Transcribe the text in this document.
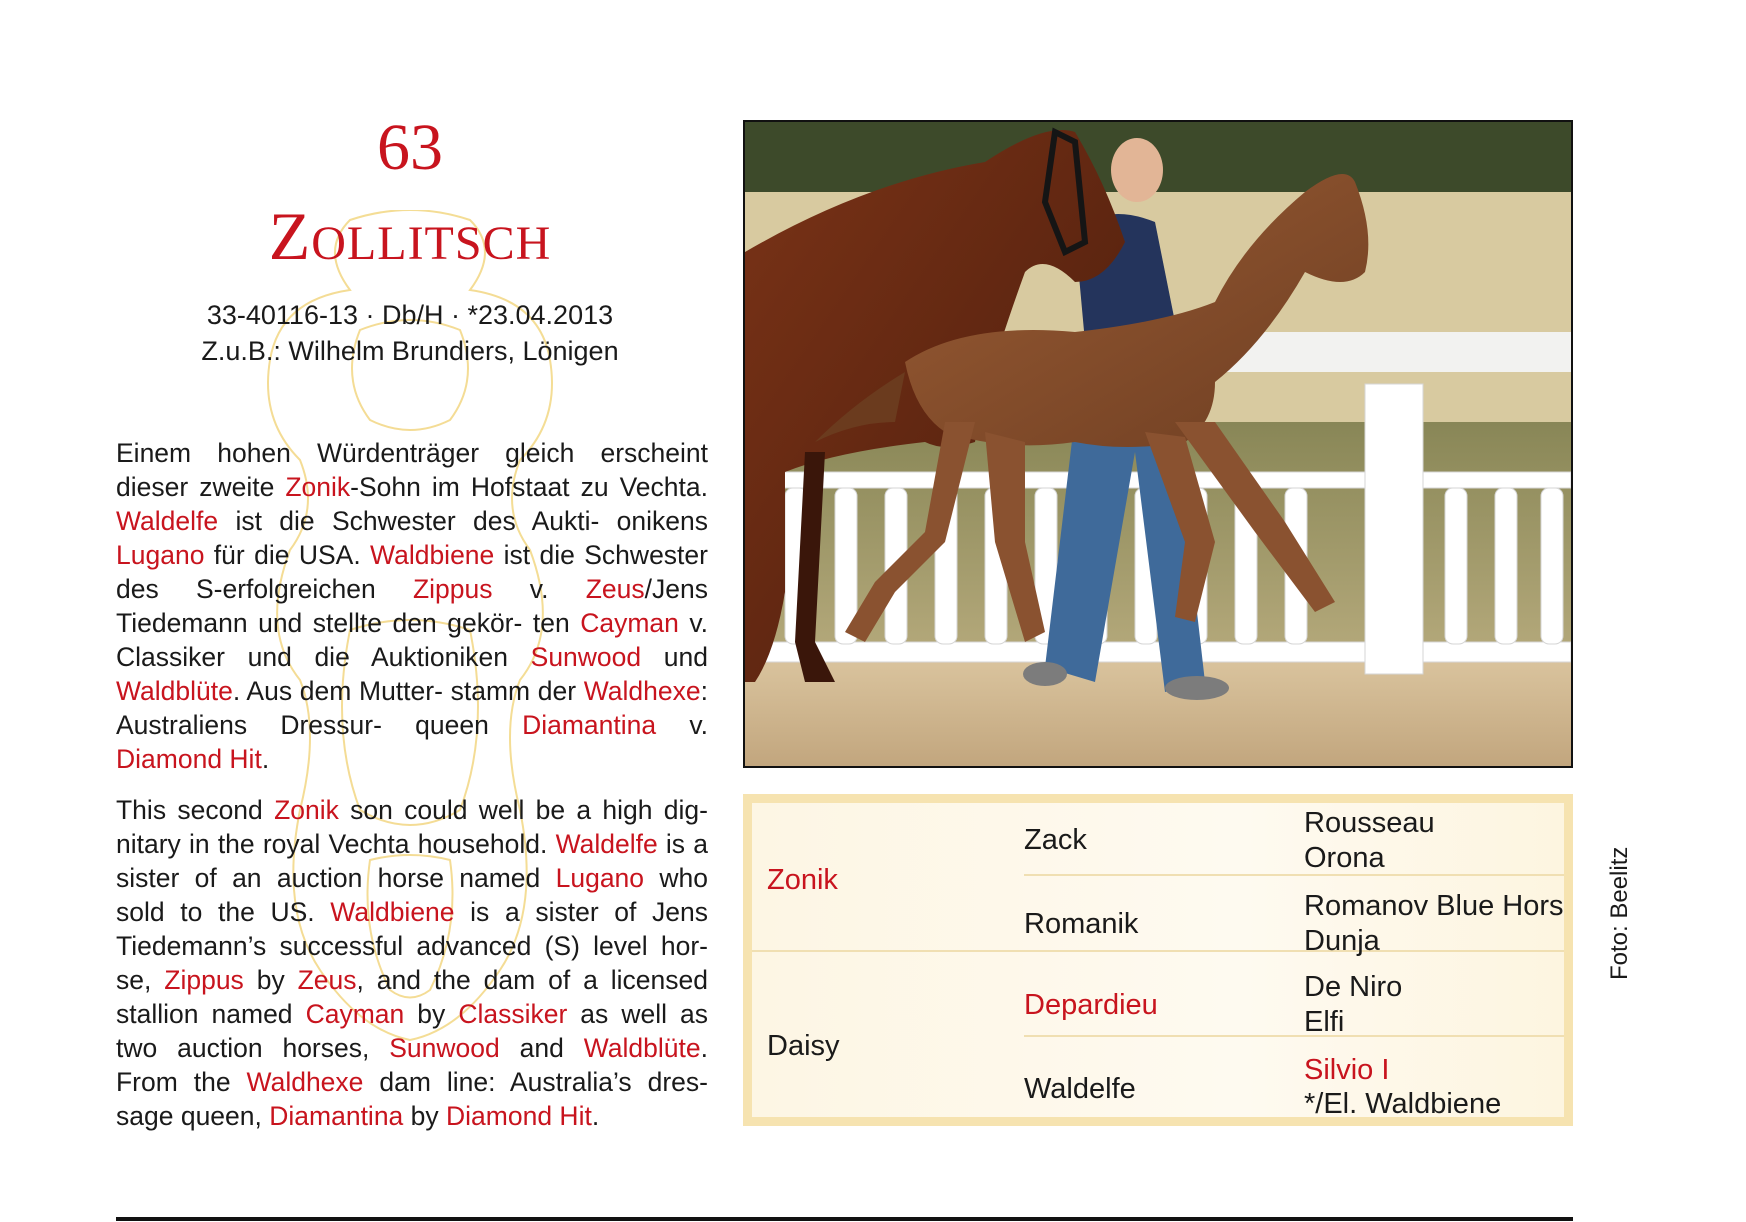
63
Zollitsch
33-40116-13 · Db/H · *23.04.2013
Z.u.B.: Wilhelm Brundiers, Lönigen
Einem hohen Würdenträger gleich erscheint dieser zweite Zonik-Sohn im Hofstaat zu Vechta. Waldelfe ist die Schwester des Aukti- onikens Lugano für die USA. Waldbiene ist die Schwester des S-erfolgreichen Zippus v. Zeus/Jens Tiedemann und stellte den gekör- ten Cayman v. Classiker und die Auktioniken Sunwood und Waldblüte. Aus dem Mutter- stamm der Waldhexe: Australiens Dressur- queen Diamantina v. Diamond Hit.
This second Zonik son could well be a high dig- nitary in the royal Vechta household. Waldelfe is a sister of an auction horse named Lugano who sold to the US. Waldbiene is a sister of Jens Tiedemann’s successful advanced (S) level hor- se, Zippus by Zeus, and the dam of a licensed stallion named Cayman by Classiker as well as two auction horses, Sunwood and Waldblüte. From the Waldhexe dam line: Australia’s dres- sage queen, Diamantina by Diamond Hit.
Zonik
Daisy
Zack
Romanik
Depardieu
Waldelfe
Rousseau
Orona
Romanov Blue Hors
Dunja
De Niro
Elfi
Silvio I
*/El. Waldbiene
Foto: Beelitz
